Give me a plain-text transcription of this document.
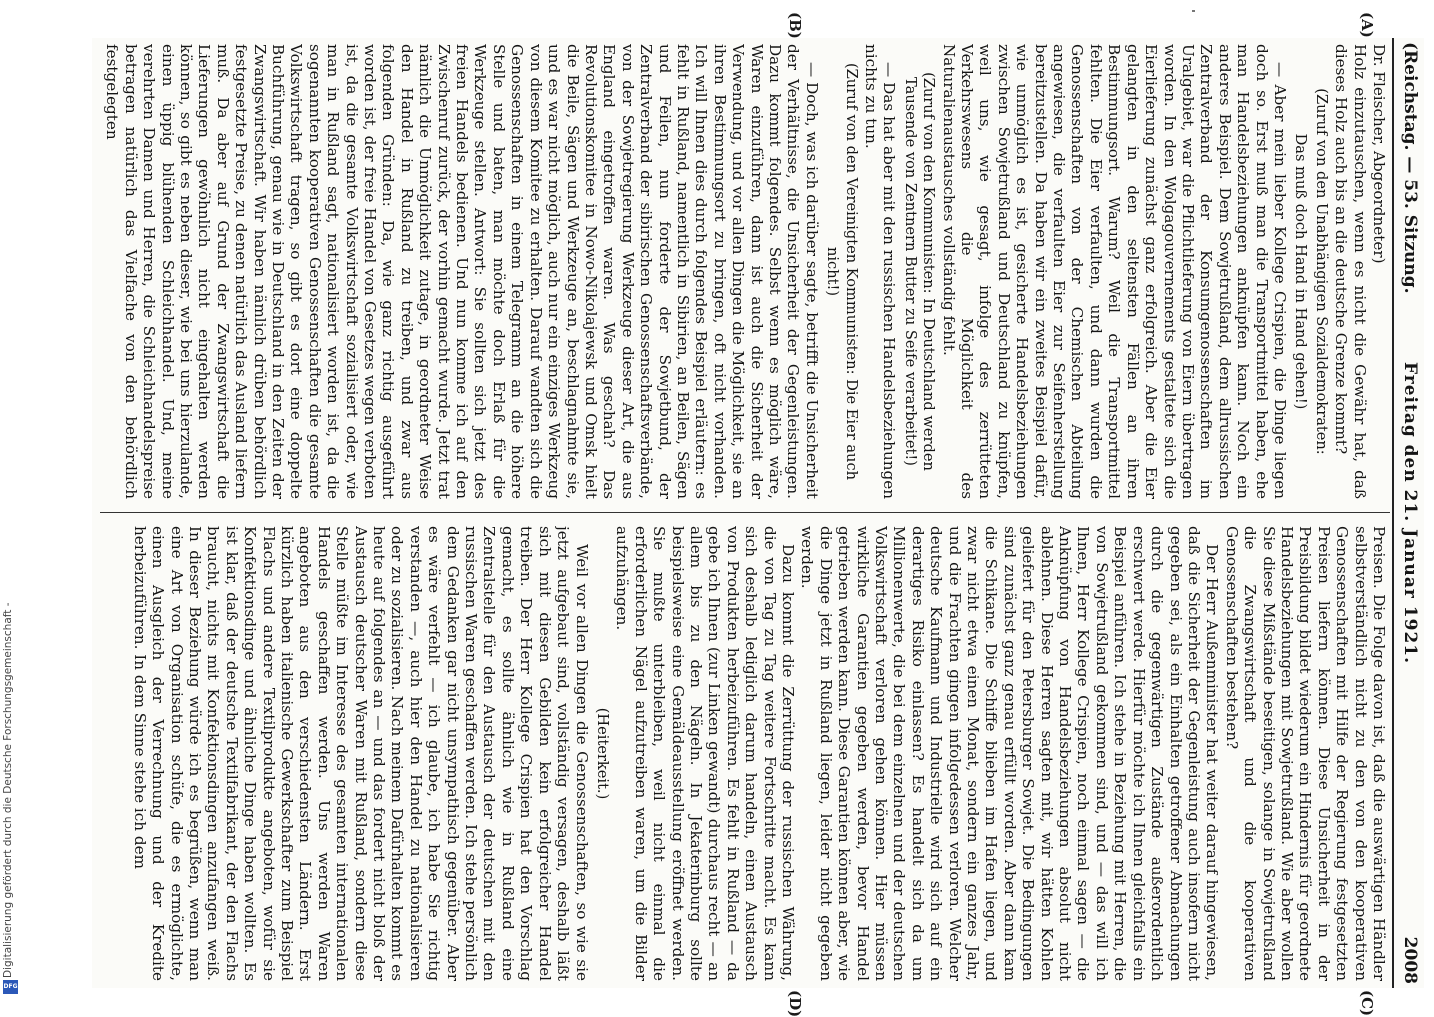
Digitalisierung gefördert durch die Deutsche Forschungsgemeinschaft -
DFG
(Reichstag. — 53. Sitzung.
Freitag den 21. Januar 1921.
2008

Dr. Fleischer, Abgeordneter)

Holz einzutauschen, wenn es nicht die Gewähr hat, daß dieses Holz auch bis an die deutsche Grenze kommt?

(Zuruf von den Unabhängigen Sozialdemokraten:

Das muß doch Hand in Hand gehen!)

— Aber mein lieber Kollege Crispien, die Dinge liegen doch so. Erst muß man die Transportmittel haben, ehe man Handelsbeziehungen anknüpfen kann. Noch ein anderes Beispiel. Dem Sowjetrußland, dem allrussischen Zentralverband der Konsumgenossenschaften im Uralgebiet, war die Pflichtlieferung von Eiern übertragen worden. In den Wolgagouvernements gestaltete sich die Eierlieferung zunächst ganz erfolgreich. Aber die Eier gelangten in den seltensten Fällen an ihren Bestimmungsort. Warum? Weil die Transportmittel fehlten. Die Eier verfaulten, und dann wurden die Genossenschaften von der Chemischen Abteilung angewiesen, die verfaulten Eier zur Seifenherstellung bereitzustellen. Da haben wir ein zweites Beispiel dafür, wie unmöglich es ist, gesicherte Handelsbeziehungen zwischen Sowjetrußland und Deutschland zu knüpfen, weil uns, wie gesagt, infolge des zerrütteten Verkehrswesens die Möglichkeit des Naturalienaustausches vollständig fehlt.

(Zuruf von den Kommunisten: In Deutschland werden Tausende von Zentnern Butter zu Seife verarbeitet!)

— Das hat aber mit den russischen Handelsbeziehungen nichts zu tun.

(Zuruf von den Vereinigten Kommunisten: Die Eier auch nicht!)

— Doch, was ich darüber sagte, betrifft die Unsicherheit der Verhältnisse, die Unsicherheit der Gegenleistungen. Dazu kommt folgendes. Selbst wenn es möglich wäre, Waren einzuführen, dann ist auch die Sicherheit der Verwendung, und vor allen Dingen die Möglichkeit, sie an ihren Bestimmungsort zu bringen, oft nicht vorhanden. Ich will Ihnen dies durch folgendes Beispiel erläutern: es fehlt in Rußland, namentlich in Sibirien, an Beilen, Sägen und Feilen, nun forderte der Sowjetbund, der Zentralverband der sibirischen Genossenschaftsverbände, von der Sowjetregierung Werkzeuge dieser Art, die aus England eingetroffen waren. Was geschah? Das Revolutionskomitee in Nowo-Nikolajewsk und Omsk hielt die Beile, Sägen und Werkzeuge an, beschlagnahmte sie, und es war nicht möglich, auch nur ein einziges Werkzeug von diesem Komitee zu erhalten. Darauf wandten sich die Genossenschaften in einem Telegramm an die höhere Stelle und baten, man möchte doch Erlaß für die Werkzeuge stellen. Antwort: Sie sollten sich jetzt des freien Handels bedienen. Und nun komme ich auf den Zwischenruf zurück, der vorhin gemacht wurde. Jetzt trat nämlich die Unmöglichkeit zutage, in geordneter Weise den Handel in Rußland zu treiben, und zwar aus folgenden Gründen: Da, wie ganz richtig ausgeführt worden ist, der freie Handel von Gesetzes wegen verboten ist, da die gesamte Volkswirtschaft sozialisiert oder, wie man in Rußland sagt, nationalisiert worden ist, da die sogenannten kooperativen Genossenschaften die gesamte Volkswirtschaft tragen, so gibt es dort eine doppelte Buchführung, genau wie in Deutschland in den Zeiten der Zwangswirtschaft. Wir haben nämlich drüben behördlich festgesetzte Preise, zu denen natürlich das Ausland liefern muß. Da aber auf Grund der Zwangswirtschaft die Lieferungen gewöhnlich nicht eingehalten werden können, so gibt es neben dieser, wie bei uns hierzulande, einen üppig blühenden Schleichhandel. Und, meine verehrten Damen und Herren, die Schleichhandelspreise betragen natürlich das Vielfache von den behördlich festgelegten

Preisen. Die Folge davon ist, daß die auswärtigen Händler selbstverständlich nicht zu den von den kooperativen Genossenschaften mit Hilfe der Regierung festgesetzten Preisen liefern können. Diese Unsicherheit in der Preisbildung bildet wiederum ein Hindernis für geordnete Handelsbeziehungen mit Sowjetrußland. Wie aber wollen Sie diese Mißstände beseitigen, solange in Sowjetrußland die Zwangswirtschaft und die kooperativen Genossenschaften bestehen?

Der Herr Außenminister hat weiter darauf hingewiesen, daß die Sicherheit der Gegenleistung auch insofern nicht gegeben sei, als ein Einhalten getroffener Abmachungen durch die gegenwärtigen Zustände außerordentlich erschwert werde. Hierfür möchte ich Ihnen gleichfalls ein Beispiel anführen. Ich stehe in Beziehung mit Herren, die von Sowjetrußland gekommen sind, und — das will ich Ihnen, Herr Kollege Crispien, noch einmal sagen — die Anknüpfung von Handelsbeziehungen absolut nicht ablehnen. Diese Herren sagten mit, wir hätten Kohlen geliefert für den Petersburger Sowjet. Die Bedingungen sind zunächst ganz genau erfüllt worden. Aber dann kam die Schikane. Die Schiffe blieben im Hafen liegen, und zwar nicht etwa einen Monat, sondern ein ganzes Jahr, und die Frachten gingen infolgedessen verloren. Welcher deutsche Kaufmann und Industrielle wird sich auf ein derartiges Risiko einlassen? Es handelt sich da um Millionenwerte, die bei dem einzelnen und der deutschen Volkswirtschaft verloren gehen können. Hier müssen wirkliche Garantien gegeben werden, bevor Handel getrieben werden kann. Diese Garantien können aber, wie die Dinge jetzt in Rußland liegen, leider nicht gegeben werden.

Dazu kommt die Zerrüttung der russischen Währung, die von Tag zu Tag weitere Fortschritte macht. Es kann sich deshalb lediglich darum handeln, einen Austausch von Produkten herbeizuführen. Es fehlt in Rußland — da gebe ich Ihnen (zur Linken gewandt) durchaus recht — an allem bis zu den Nägeln. In Jekaterinburg sollte beispielsweise eine Gemäldeausstellung eröffnet werden. Sie mußte unterbleiben, weil nicht einmal die erforderlichen Nägel aufzutreiben waren, um die Bilder aufzuhängen.

(Heiterkeit.)

Weil vor allen Dingen die Genossenschaften, so wie sie jetzt aufgebaut sind, vollständig versagen, deshalb läßt sich mit diesen Gebilden kein erfolgreicher Handel treiben. Der Herr Kollege Crispien hat den Vorschlag gemacht, es sollte ähnlich wie in Rußland eine Zentralstelle für den Austausch der deutschen mit den russischen Waren geschaffen werden. Ich stehe persönlich dem Gedanken gar nicht unsympathisch gegenüber. Aber es wäre verfehlt — ich glaube, ich habe Sie richtig verstanden —, auch hier den Handel zu nationalisieren oder zu sozialisieren. Nach meinem Dafürhalten kommt es heute auf folgendes an — und das fordert nicht bloß der Austausch deutscher Waren mit Rußland, sondern diese Stelle müßte im Interesse des gesamten internationalen Handels geschaffen werden. Uns werden Waren angeboten aus den verschiedensten Ländern. Erst kürzlich haben italienische Gewerkschafter zum Beispiel Flachs und andere Textilprodukte angeboten, wofür sie Konfektionsdinge und ähnliche Dinge haben wollten. Es ist klar, daß der deutsche Textilfabrikant, der den Flachs braucht, nichts mit Konfektionsdingen anzufangen weiß. In dieser Beziehung würde ich es begrüßen, wenn man eine Art von Organisation schüfe, die es ermöglichte, einen Ausgleich der Verrechnung und der Kredite herbeizuführen. In dem Sinne stehe ich dem

(A)
(B)
(C)
(D)
